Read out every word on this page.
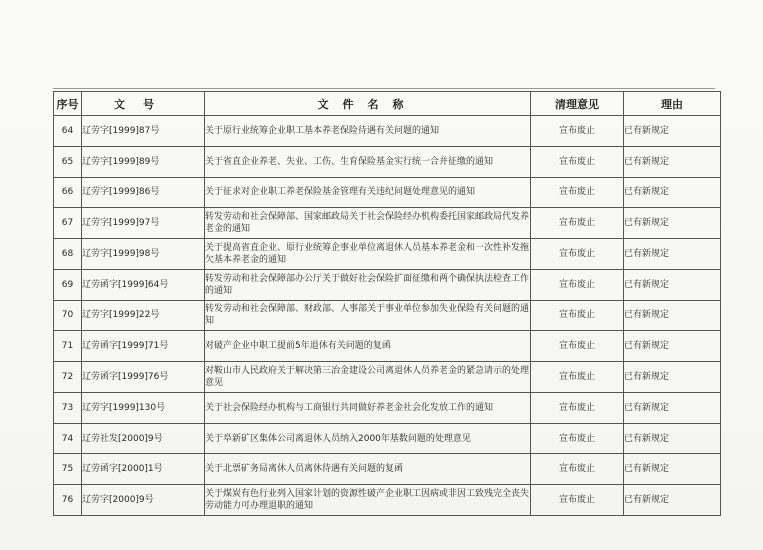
序号	文号	文件名称	清理意见	理由
64	辽劳字[1999]87号	关于原行业统筹企业职工基本养老保险待遇有关问题的通知	宣布废止	已有新规定
65	辽劳字[1999]89号	关于省直企业养老、失业、工伤、生育保险基金实行统一合并征缴的通知	宣布废止	已有新规定
66	辽劳字[1999]86号	关于征求对企业职工养老保险基金管理有关违纪问题处理意见的通知	宣布废止	已有新规定
67	辽劳字[1999]97号	转发劳动和社会保障部、国家邮政局关于社会保险经办机构委托国家邮政局代发养老金的通知	宣布废止	已有新规定
68	辽劳字[1999]98号	关于提高省直企业、原行业统筹企事业单位离退休人员基本养老金和一次性补发拖欠基本养老金的通知	宣布废止	已有新规定
69	辽劳函字[1999]64号	转发劳动和社会保障部办公厅关于做好社会保险扩面征缴和两个确保执法检查工作的通知	宣布废止	已有新规定
70	辽劳字[1999]22号	转发劳动和社会保障部、财政部、人事部关于事业单位参加失业保险有关问题的通知	宣布废止	已有新规定
71	辽劳函字[1999]71号	对破产企业中职工提前5年退休有关问题的复函	宣布废止	已有新规定
72	辽劳函字[1999]76号	对鞍山市人民政府关于解决第三冶金建设公司离退休人员养老金的紧急请示的处理意见	宣布废止	已有新规定
73	辽劳字[1999]130号	关于社会保险经办机构与工商银行共同做好养老金社会化发放工作的通知	宣布废止	已有新规定
74	辽劳社发[2000]9号	关于阜新矿区集体公司离退休人员纳入2000年基数问题的处理意见	宣布废止	已有新规定
75	辽劳函字[2000]1号	关于北票矿务局离休人员离休待遇有关问题的复函	宣布废止	已有新规定
76	辽劳字[2000]9号	关于煤炭有色行业列入国家计划的资源性破产企业职工因病或非因工致残完全丧失劳动能力可办理退职的通知	宣布废止	已有新规定
